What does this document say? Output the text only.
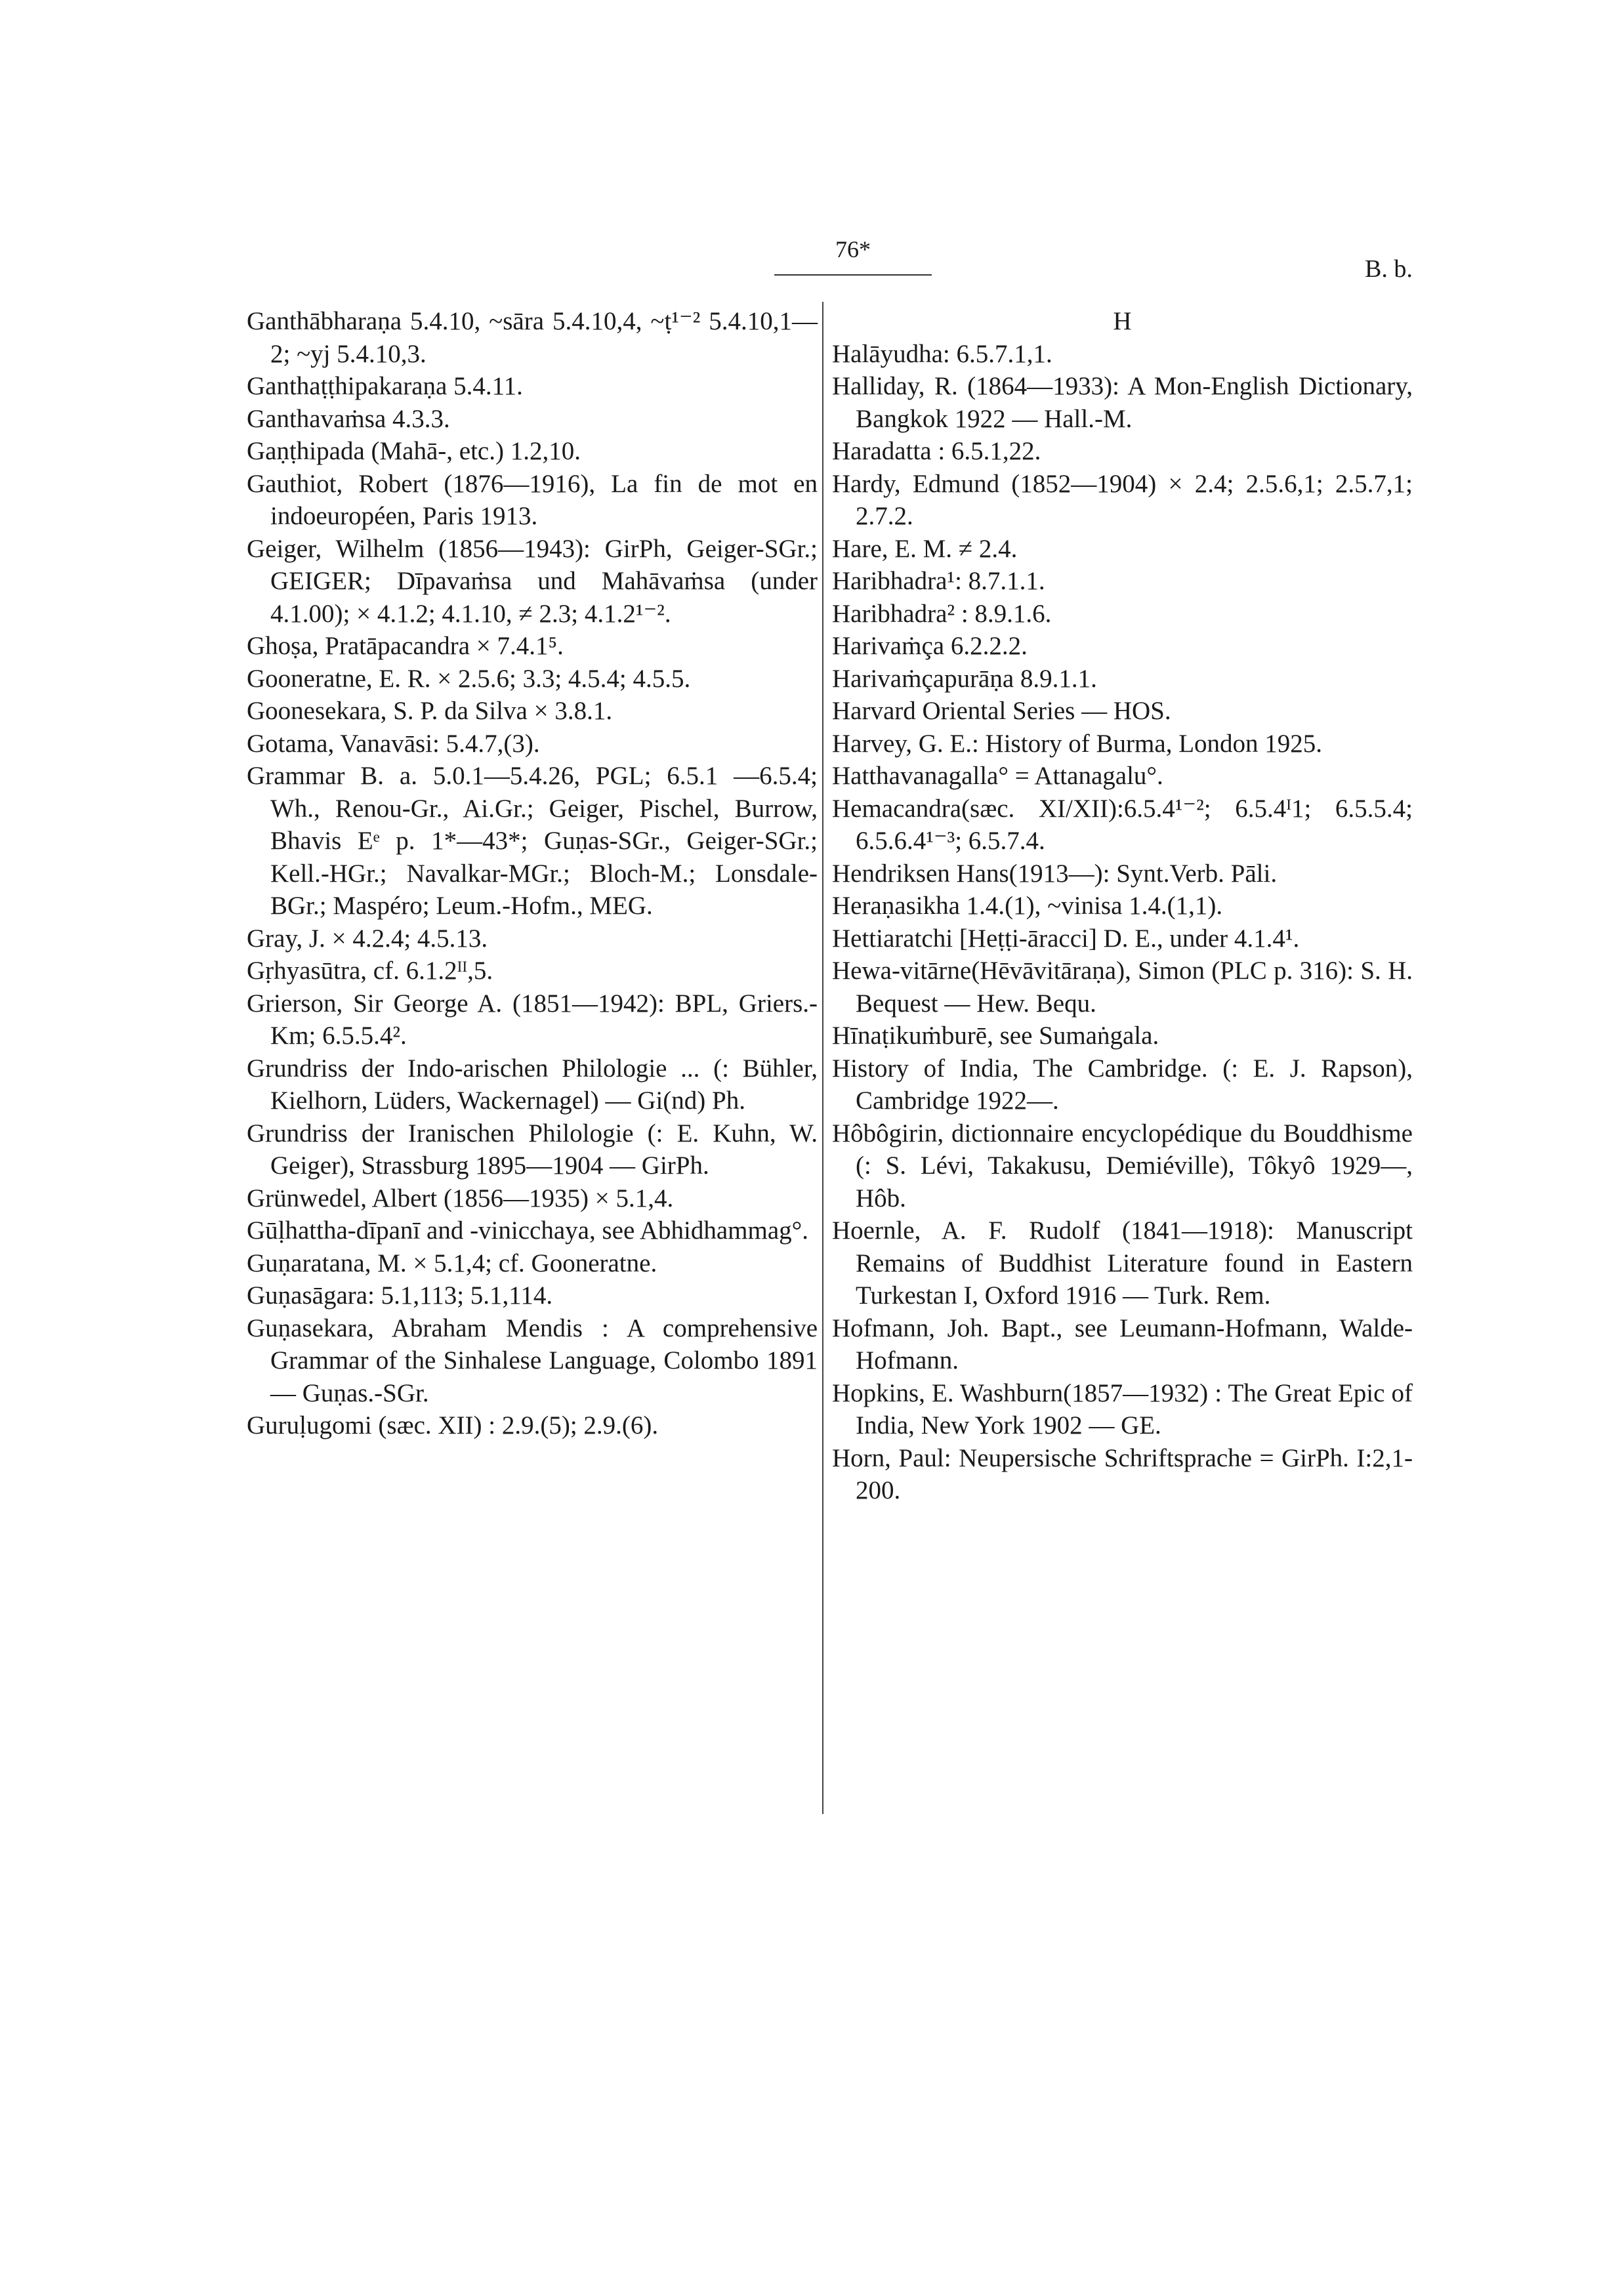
76*
B. b.

Ganthābharaṇa 5.4.10, ~sāra 5.4.10,4, ~ṭ¹⁻² 5.4.10,1—2; ~yj 5.4.10,3.

Ganthaṭṭhipakaraṇa 5.4.11.

Ganthavaṁsa 4.3.3.

Gaṇṭhipada (Mahā-, etc.) 1.2,10.

Gauthiot, Robert (1876—1916), La fin de mot en indoeuropéen, Paris 1913.

Geiger, Wilhelm (1856—1943): GirPh, Geiger-SGr.; GEIGER; Dīpavaṁsa und Mahāvaṁsa (under 4.1.00); × 4.1.2; 4.1.10, ≠ 2.3; 4.1.2¹⁻².

Ghoṣa, Pratāpacandra × 7.4.1⁵.

Gooneratne, E. R. × 2.5.6; 3.3; 4.5.4; 4.5.5.

Goonesekara, S. P. da Silva × 3.8.1.

Gotama, Vanavāsi: 5.4.7,(3).

Grammar B. a. 5.0.1—5.4.26, PGL; 6.5.1 —6.5.4; Wh., Renou-Gr., Ai.Gr.; Geiger, Pischel, Burrow, Bhavis Eᵉ p. 1*—43*; Guṇas-SGr., Geiger-SGr.; Kell.-HGr.; Navalkar-MGr.; Bloch-M.; Lonsdale-BGr.; Maspéro; Leum.-Hofm., MEG.

Gray, J. × 4.2.4; 4.5.13.

Gṛhyasūtra, cf. 6.1.2ᴵᴵ,5.

Grierson, Sir George A. (1851—1942): BPL, Griers.-Km; 6.5.5.4².

Grundriss der Indo-arischen Philologie ... (: Bühler, Kielhorn, Lüders, Wackernagel) — Gi(nd) Ph.

Grundriss der Iranischen Philologie (: E. Kuhn, W. Geiger), Strassburg 1895—1904 — GirPh.

Grünwedel, Albert (1856—1935) × 5.1,4.

Gūḷhattha-dīpanī and -vinicchaya, see Abhidhammag°.

Guṇaratana, M. × 5.1,4; cf. Gooneratne.

Guṇasāgara: 5.1,113; 5.1,114.

Guṇasekara, Abraham Mendis : A comprehensive Grammar of the Sinhalese Language, Colombo 1891 — Guṇas.-SGr.

Guruḷugomi (sæc. XII) : 2.9.(5); 2.9.(6).

H

Halāyudha: 6.5.7.1,1.

Halliday, R. (1864—1933): A Mon-English Dictionary, Bangkok 1922 — Hall.-M.

Haradatta : 6.5.1,22.

Hardy, Edmund (1852—1904) × 2.4; 2.5.6,1; 2.5.7,1; 2.7.2.

Hare, E. M. ≠ 2.4.

Haribhadra¹: 8.7.1.1.

Haribhadra² : 8.9.1.6.

Harivaṁça 6.2.2.2.

Harivaṁçapurāṇa 8.9.1.1.

Harvard Oriental Series — HOS.

Harvey, G. E.: History of Burma, London 1925.

Hatthavanagalla° = Attanagalu°.

Hemacandra(sæc. XI/XII):6.5.4¹⁻²; 6.5.4ᴵ1; 6.5.5.4; 6.5.6.4¹⁻³; 6.5.7.4.

Hendriksen Hans(1913—): Synt.Verb. Pāli.

Heraṇasikha 1.4.(1), ~vinisa 1.4.(1,1).

Hettiaratchi [Heṭṭi-āracci] D. E., under 4.1.4¹.

Hewa-vitārne(Hēvāvitāraṇa), Simon (PLC p. 316): S. H. Bequest — Hew. Bequ.

Hīnaṭikuṁburē, see Sumaṅgala.

History of India, The Cambridge. (: E. J. Rapson), Cambridge 1922—.

Hôbôgirin, dictionnaire encyclopédique du Bouddhisme (: S. Lévi, Takakusu, Demiéville), Tôkyô 1929—, Hôb.

Hoernle, A. F. Rudolf (1841—1918): Manuscript Remains of Buddhist Literature found in Eastern Turkestan I, Oxford 1916 — Turk. Rem.

Hofmann, Joh. Bapt., see Leumann-Hofmann, Walde-Hofmann.

Hopkins, E. Washburn(1857—1932) : The Great Epic of India, New York 1902 — GE.

Horn, Paul: Neupersische Schriftsprache = GirPh. I:2,1-200.
